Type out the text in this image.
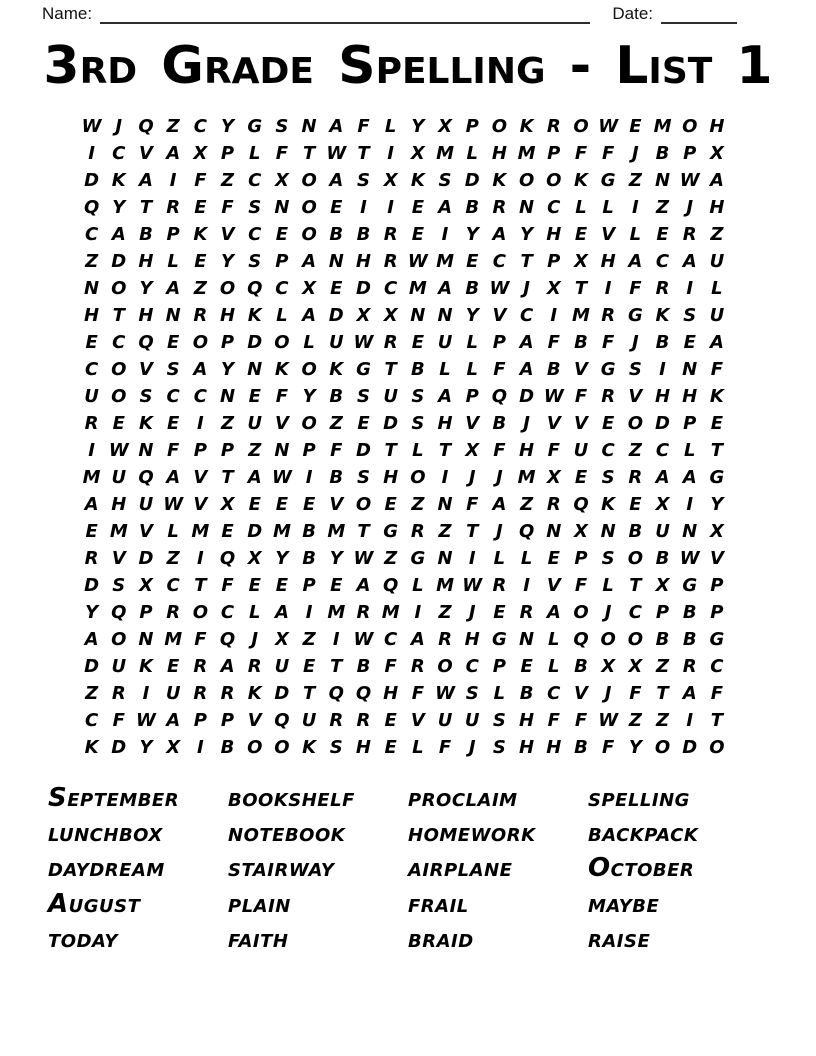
Name:	Date:
3rd Grade Spelling - List 1
W J Q Z C Y G S N A F L Y X P O K R O W E M O H
I C V A X P L F T W T I X M L H M P F F J B P X
D K A I F Z C X O A S X K S D K O O K G Z N W A
Q Y T R E F S N O E I	I E A B R N C L L	I Z J H
C A B P K V C E O B B R E I Y A Y H E V L E R Z
Z D H L E Y S P A N H R W M E C T P X H A C A U
N O Y A Z O Q C X E D C M A B W J X T I F R I	L
H T H N R H K L A D X X N N Y V C I M R G K S U
E C Q E O P D O L U W R E U L P A F B F J B E A
C O V S A Y N K O K G T B L L F A B V G S I N F
U O S C C N E F Y B S U S A P Q D W F R V H H K
R E K E I Z U V O Z E D S H V B J V V E O D P E
I W N F P P Z N P F D T L T X F H F U C Z C L T
M U Q A V T A W I B S H O I	J	J M X E S R A A G
A H U W V X E E E V O E Z N F A Z R Q K E X I Y
E M V L M E D M B M T G R Z T J Q N X N B U N X
R V D Z I Q X Y B Y W Z G N I	L L E P S O B W V
D S X C T F E E P E A Q L M W R I V F L T X G P
Y Q P R O C L A I M R M I Z J E R A O J C P B P
A O N M F Q J X Z I W C A R H G N L Q O O B B G
D U K E R A R U E T B F R O C P E L B X X Z R C
Z R I U R R K D T Q Q H F W S L B C V J F T A F
C F W A P P V Q U R R E V U U S H F F W Z Z I T
K D Y X I B O O K S H E L F J S H H B F Y O D O
September	bookshelf	proclaim	spelling
lunchbox	notebook	homework	backpack
daydream	stairway	airplane	October
August	plain	frail	maybe
today	faith	braid	raise
